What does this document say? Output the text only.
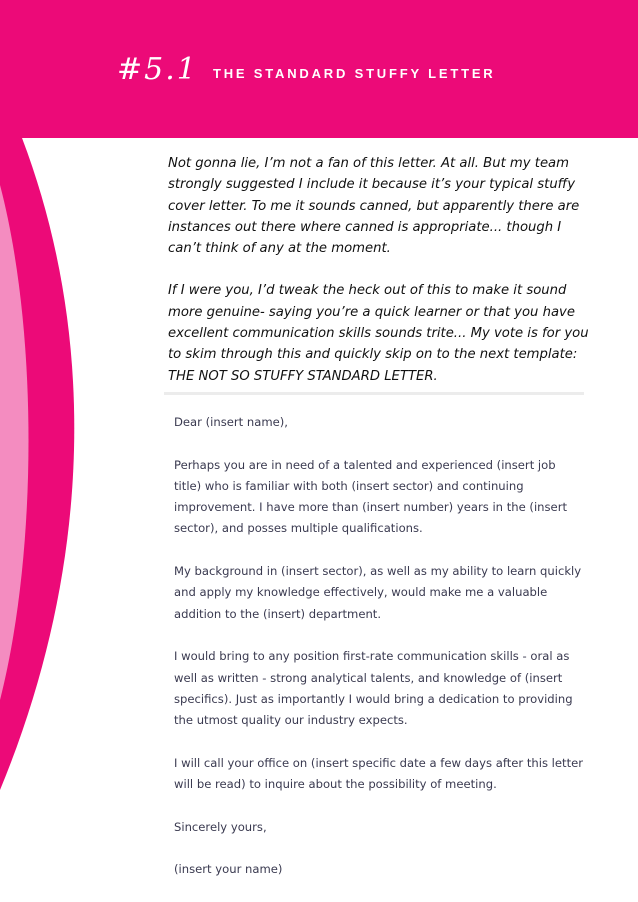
#5.1 THE STANDARD STUFFY LETTER

Not gonna lie, I’m not a fan of this letter. At all. But my team strongly suggested I include it because it’s your typical stuffy cover letter. To me it sounds canned, but apparently there are instances out there where canned is appropriate... though I can’t think of any at the moment.

If I were you, I’d tweak the heck out of this to make it sound more genuine- saying you’re a quick learner or that you have excellent communication skills sounds trite... My vote is for you to skim through this and quickly skip on to the next template: THE NOT SO STUFFY STANDARD LETTER.

Dear (insert name),

Perhaps you are in need of a talented and experienced (insert job title) who is familiar with both (insert sector) and continuing improvement. I have more than (insert number) years in the (insert sector), and posses multiple qualifications.

My background in (insert sector), as well as my ability to learn quickly and apply my knowledge effectively, would make me a valuable addition to the (insert) department.

I would bring to any position first-rate communication skills - oral as well as written - strong analytical talents, and knowledge of (insert specifics). Just as importantly I would bring a dedication to providing the utmost quality our industry expects.

I will call your office on (insert specific date a few days after this letter will be read) to inquire about the possibility of meeting.

Sincerely yours,

(insert your name)
